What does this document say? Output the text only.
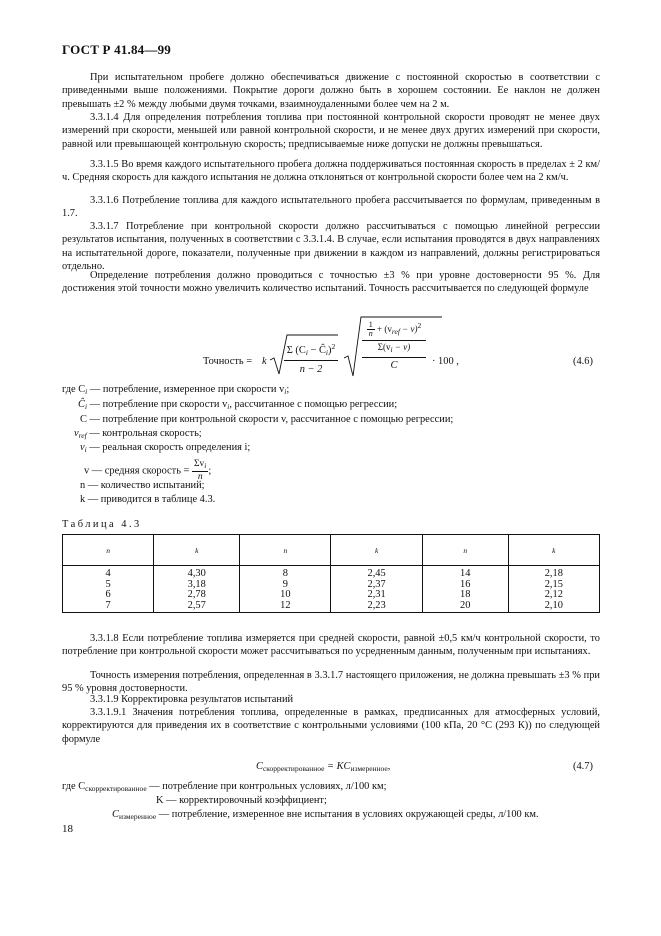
ГОСТ Р 41.84—99

При испытательном пробеге должно обеспечиваться движение с постоянной скоростью в соответствии с приведенными выше положениями. Покрытие дороги должно быть в хорошем состоянии. Ее наклон не должен превышать ±2 % между любыми двумя точками, взаимноудаленными более чем на 2 м.

3.3.1.4 Для определения потребления топлива при постоянной контрольной скорости проводят не менее двух измерений при скорости, меньшей или равной контрольной скорости, и не менее двух других измерений при скорости, равной или превышающей контрольную скорость; предписываемые ниже допуски не должны превышаться.

3.3.1.5 Во время каждого испытательного пробега должна поддерживаться постоянная скорость в пределах ± 2 км/ч. Средняя скорость для каждого испытания не должна отклоняться от контрольной скорости более чем на 2 км/ч.

3.3.1.6 Потребление топлива для каждого испытательного пробега рассчитывается по формулам, приведенным в 1.7.

3.3.1.7 Потребление при контрольной скорости должно рассчитываться с помощью линейной регрессии результатов испытания, полученных в соответствии с 3.3.1.4. В случае, если испытания проводятся в двух направлениях на испытательной дороге, показатели, полученные при движении в каждом из направлений, должны регистрироваться отдельно.

Определение потребления должно проводиться с точностью ±3 % при уровне достоверности 95 %. Для достижения этой точности можно увеличить количество испытаний. Точность рассчитывается по следующей формуле

Точность = k
Σ ($C_i$ − $Ĉ_i)^2$
n − 2
$\frac{1}{n} + (v_{ref} - v)^2$
$\Sigma(v_i - v)$
C	· 100 ,	(4.6)
где $C_i$ — потребление, измеренное при скорости $v_i$;
$Ĉ_i$ — потребление при скорости $v_i$, рассчитанное с помощью регрессии;
C — потребление при контрольной скорости v, рассчитанное с помощью регрессии;
$v_{ref}$ — контрольная скорость;
$v_i$ — реальная скорость определения i;
v — средняя скорость = $\frac{\Sigma v_i}{n}$ ;
n — количество испытаний;
k — приводится в таблице 4.3.
Таблица 4.3
n	k	n	k	n	k
4	4,30	8	2,45	14	2,18
5	3,18	9	2,37	16	2,15
6	2,78	10	2,31	18	2,12
7	2,57	12	2,23	20	2,10

3.3.1.8 Если потребление топлива измеряется при средней скорости, равной ±0,5 км/ч контрольной скорости, то потребление при контрольной скорости может рассчитываться по усредненным данным, полученным при испытаниях.

Точность измерения потребления, определенная в 3.3.1.7 настоящего приложения, не должна превышать ±3 % при 95 % уровня достоверности.

3.3.1.9 Корректировка результатов испытаний

3.3.1.9.1 Значения потребления топлива, определенные в рамках, предписанных для атмосферных условий, корректируются для приведения их в соответствие с контрольными условиями (100 кПа, 20 °С (293 К)) по следующей формуле

$C_{скорректированное} = KC_{измеренное}$,	(4.7)
где $C_{скорректированное}$ — потребление при контрольных условиях, л/100 км;
K — корректировочный коэффициент;
$C_{измеренное}$ — потребление, измеренное вне испытания в условиях окружающей среды, л/100 км.
18
